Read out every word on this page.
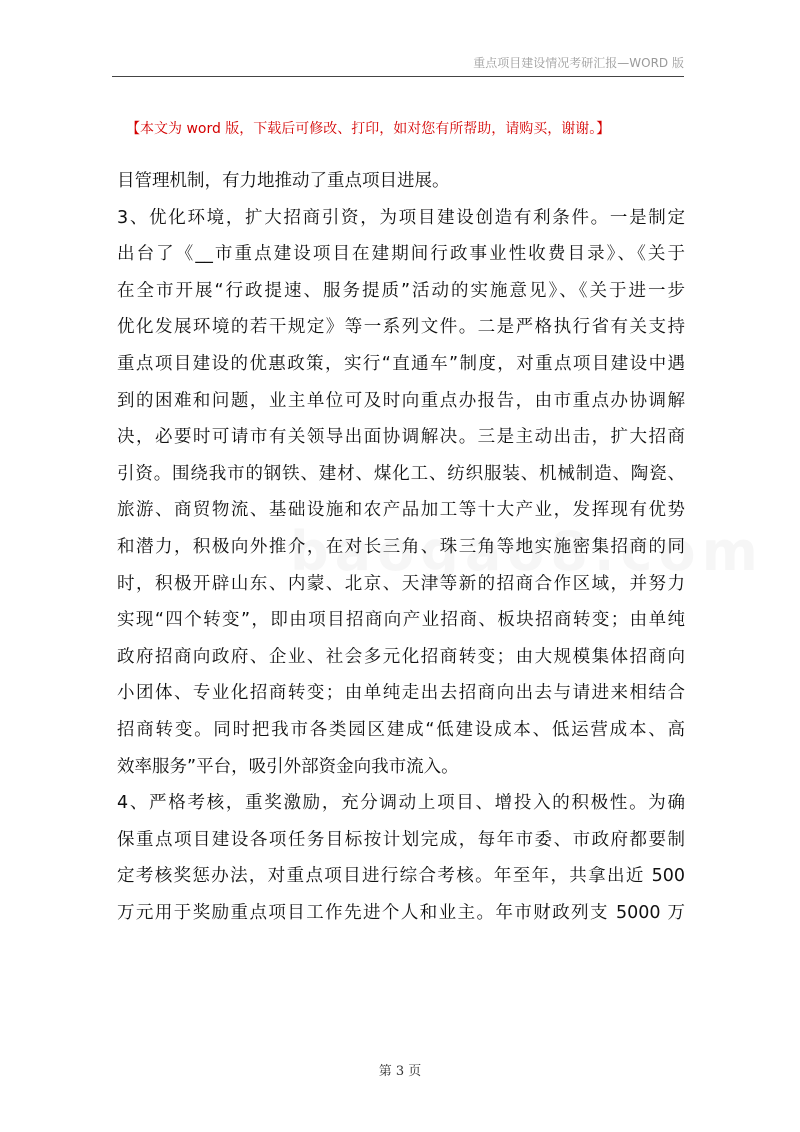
重点项目建设情况考研汇报—WORD 版
【本文为 word 版，下载后可修改、打印，如对您有所帮助，请购买，谢谢。】
目管理机制，有力地推动了重点项目进展。
3、优化环境，扩大招商引资，为项目建设创造有利条件。一是制定
出台了《__市重点建设项目在建期间行政事业性收费目录》、《关于
在全市开展“行政提速、服务提质”活动的实施意见》、《关于进一步
优化发展环境的若干规定》等一系列文件。二是严格执行省有关支持
重点项目建设的优惠政策，实行“直通车”制度，对重点项目建设中遇
到的困难和问题，业主单位可及时向重点办报告，由市重点办协调解
决，必要时可请市有关领导出面协调解决。三是主动出击，扩大招商
引资。围绕我市的钢铁、建材、煤化工、纺织服装、机械制造、陶瓷、
旅游、商贸物流、基础设施和农产品加工等十大产业，发挥现有优势
和潜力，积极向外推介，在对长三角、珠三角等地实施密集招商的同
时，积极开辟山东、内蒙、北京、天津等新的招商合作区域，并努力
实现“四个转变”，即由项目招商向产业招商、板块招商转变；由单纯
政府招商向政府、企业、社会多元化招商转变；由大规模集体招商向
小团体、专业化招商转变；由单纯走出去招商向出去与请进来相结合
招商转变。同时把我市各类园区建成“低建设成本、低运营成本、高
效率服务”平台，吸引外部资金向我市流入。
4、严格考核，重奖激励，充分调动上项目、增投入的积极性。为确
保重点项目建设各项任务目标按计划完成，每年市委、市政府都要制
定考核奖惩办法，对重点项目进行综合考核。年至年，共拿出近 500
万元用于奖励重点项目工作先进个人和业主。年市财政列支 5000 万
第 3 页
